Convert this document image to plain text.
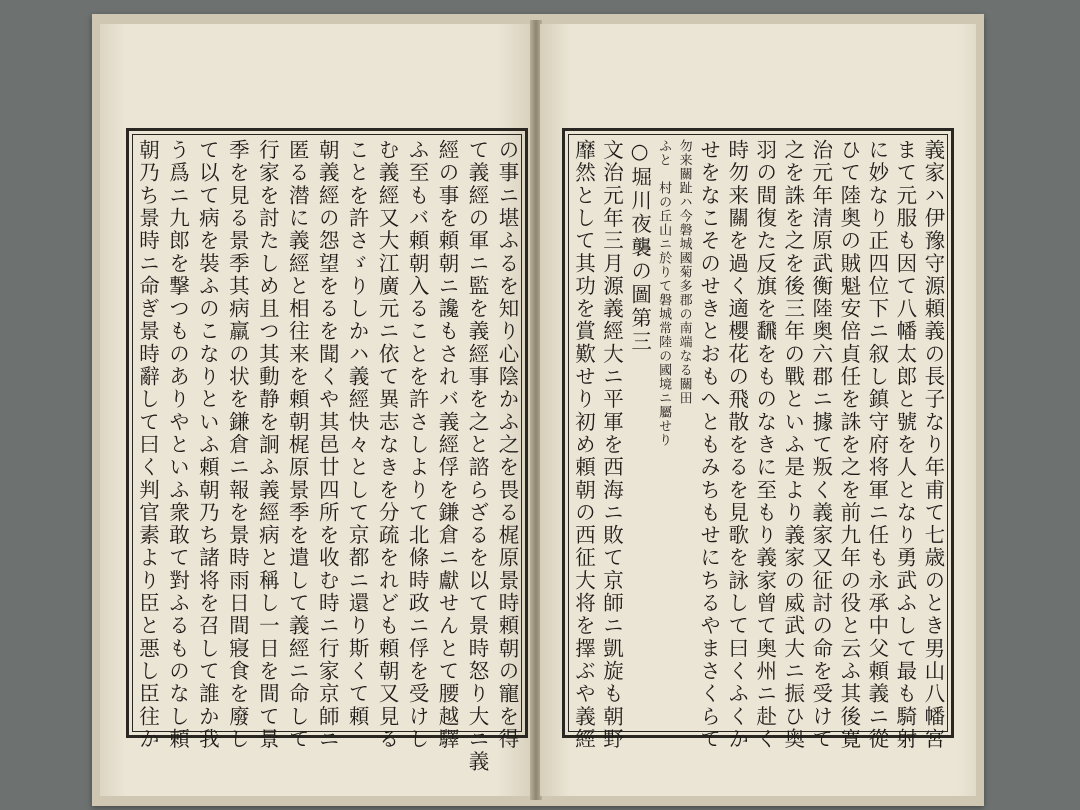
の事ニ堪ふるを知り心陰かふ之を畏る梶原景時頼朝の寵を得
て義經の軍ニ監を義經事を之と諮らざるを以て景時怒り大ニ義
經の事を頼朝ニ讒もされバ義經俘を鎌倉ニ獻せんとて腰越驛
ふ至もバ頼朝入ることを許さしよりて北條時政ニ俘を受けし
む義經又大江廣元ニ依て異志なきを分疏をれども頼朝又見る
ことを許さゞりしかハ義經快々として京都ニ還り斯くて頼
朝義經の怨望をるを聞くや其邑廿四所を收む時ニ行家京師ニ
匿る潜に義經と相往来を頼朝梶原景季を遣して義經ニ命して
行家を討たしめ且つ其動静を詗ふ義經病と稱し一日を間て景
季を見る景季其病羸の状を鎌倉ニ報を景時雨日間寢食を廢し
て以て病を裝ふのこなりといふ頼朝乃ち諸将を召して誰か我
う爲ニ九郎を撃つものありやといふ衆敢て對ふるものなし頼
朝乃ち景時ニ命ぎ景時辭して曰く判官素より臣と悪し臣往か	義家ハ伊豫守源頼義の長子なり年甫て七歳のとき男山八幡宮
まて元服も因て八幡太郎と號を人となり勇武ふして最も騎射
に妙なり正四位下ニ叙し鎮守府将軍ニ任も永承中父頼義ニ從
ひて陸奥の賊魁安倍貞任を誅を之を前九年の役と云ふ其後寛
治元年清原武衡陸奥六郡ニ據て叛く義家又征討の命を受けて
之を誅を之を後三年の戰といふ是より義家の威武大ニ振ひ奥
羽の間復た反旗を飜をものなきに至もり義家曾て奥州ニ赴く
時勿来關を過く適櫻花の飛散をるを見歌を詠して曰くふくか
せをなこそのせきとおもへともみちもせにちるやまさくらて
勿来關趾ハ今磐城國菊多郡の南端なる關田
ふと　村の丘山ニ於りて磐城常陸の國境ニ屬せり
○堀川夜襲の圖第三
文治元年三月源義經大ニ平軍を西海ニ敗て京師ニ凱旋も朝野
靡然として其功を賞歎せり初め頼朝の西征大将を擇ぶや義經
